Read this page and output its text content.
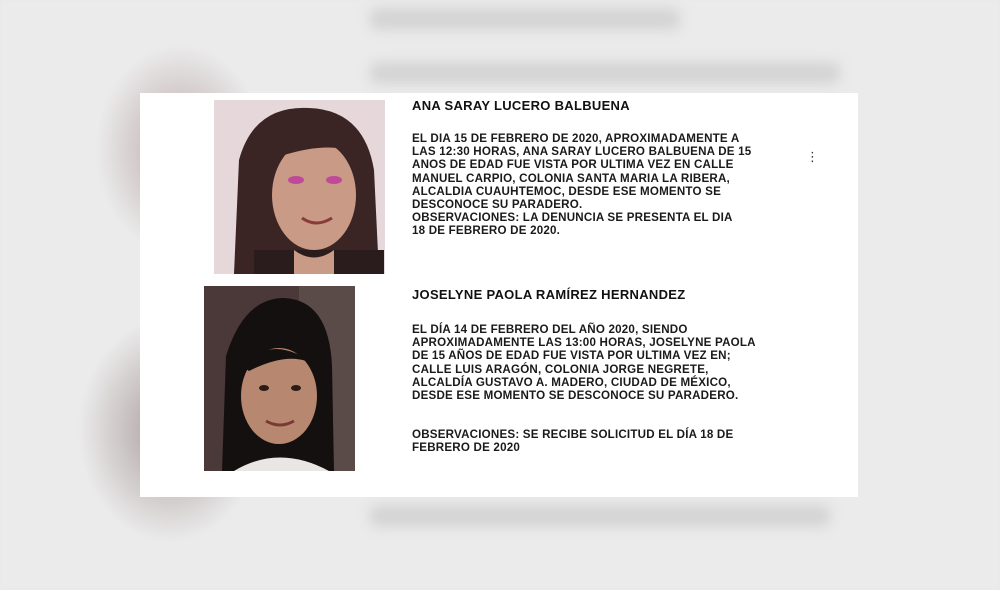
ANA SARAY LUCERO BALBUENA

EL DIA 15 DE FEBRERO DE 2020, APROXIMADAMENTE A LAS 12:30 HORAS, ANA SARAY LUCERO BALBUENA DE 15 ANOS DE EDAD FUE VISTA POR ULTIMA VEZ EN CALLE MANUEL CARPIO, COLONIA SANTA MARIA LA RIBERA, ALCALDIA CUAUHTEMOC, DESDE ESE MOMENTO SE DESCONOCE SU PARADERO.

OBSERVACIONES: LA DENUNCIA SE PRESENTA EL DIA 18 DE FEBRERO DE 2020.

⋮
JOSELYNE PAOLA RAMÍREZ HERNANDEZ

EL DÍA 14 DE FEBRERO DEL AÑO 2020, SIENDO APROXIMADAMENTE LAS 13:00 HORAS, JOSELYNE PAOLA DE 15 AÑOS DE EDAD FUE VISTA POR ULTIMA VEZ EN; CALLE LUIS ARAGÓN, COLONIA JORGE NEGRETE, ALCALDÍA GUSTAVO A. MADERO, CIUDAD DE MÉXICO, DESDE ESE MOMENTO SE DESCONOCE SU PARADERO.

OBSERVACIONES: SE RECIBE SOLICITUD EL DÍA 18 DE FEBRERO DE 2020
